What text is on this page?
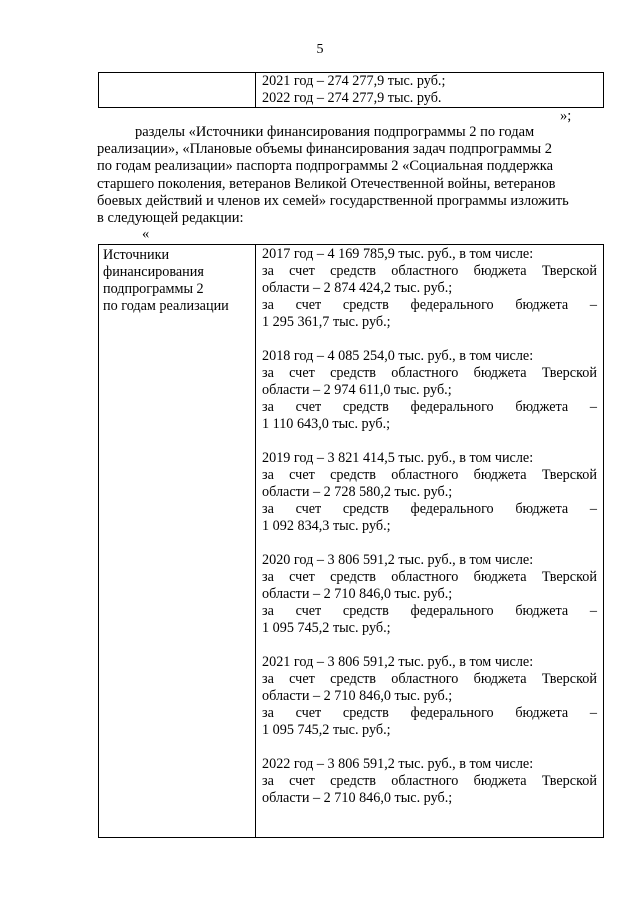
5

2021 год – 274 277,9 тыс. руб.;
2022 год – 274 277,9 тыс. руб.
»;
разделы «Источники финансирования подпрограммы 2 по годам
реализации», «Плановые объемы финансирования задач подпрограммы 2
по годам реализации» паспорта подпрограммы 2 «Социальная поддержка
старшего поколения, ветеранов Великой Отечественной войны, ветеранов
боевых действий и членов их семей» государственной программы изложить
в следующей редакции:
«
Источники
финансирования
подпрограммы 2
по годам реализации

2017 год – 4 169 785,9 тыс. руб., в том числе:
за счет средств областного бюджета Тверской
области – 2 874 424,2 тыс. руб.;
за счет средств федерального бюджета –
1 295 361,7 тыс. руб.;
2018 год – 4 085 254,0 тыс. руб., в том числе:
за счет средств областного бюджета Тверской
области – 2 974 611,0 тыс. руб.;
за счет средств федерального бюджета –
1 110 643,0 тыс. руб.;
2019 год – 3 821 414,5 тыс. руб., в том числе:
за счет средств областного бюджета Тверской
области – 2 728 580,2 тыс. руб.;
за счет средств федерального бюджета –
1 092 834,3 тыс. руб.;
2020 год – 3 806 591,2 тыс. руб., в том числе:
за счет средств областного бюджета Тверской
области – 2 710 846,0 тыс. руб.;
за счет средств федерального бюджета –
1 095 745,2 тыс. руб.;
2021 год – 3 806 591,2 тыс. руб., в том числе:
за счет средств областного бюджета Тверской
области – 2 710 846,0 тыс. руб.;
за счет средств федерального бюджета –
1 095 745,2 тыс. руб.;
2022 год – 3 806 591,2 тыс. руб., в том числе:
за счет средств областного бюджета Тверской
области – 2 710 846,0 тыс. руб.;
